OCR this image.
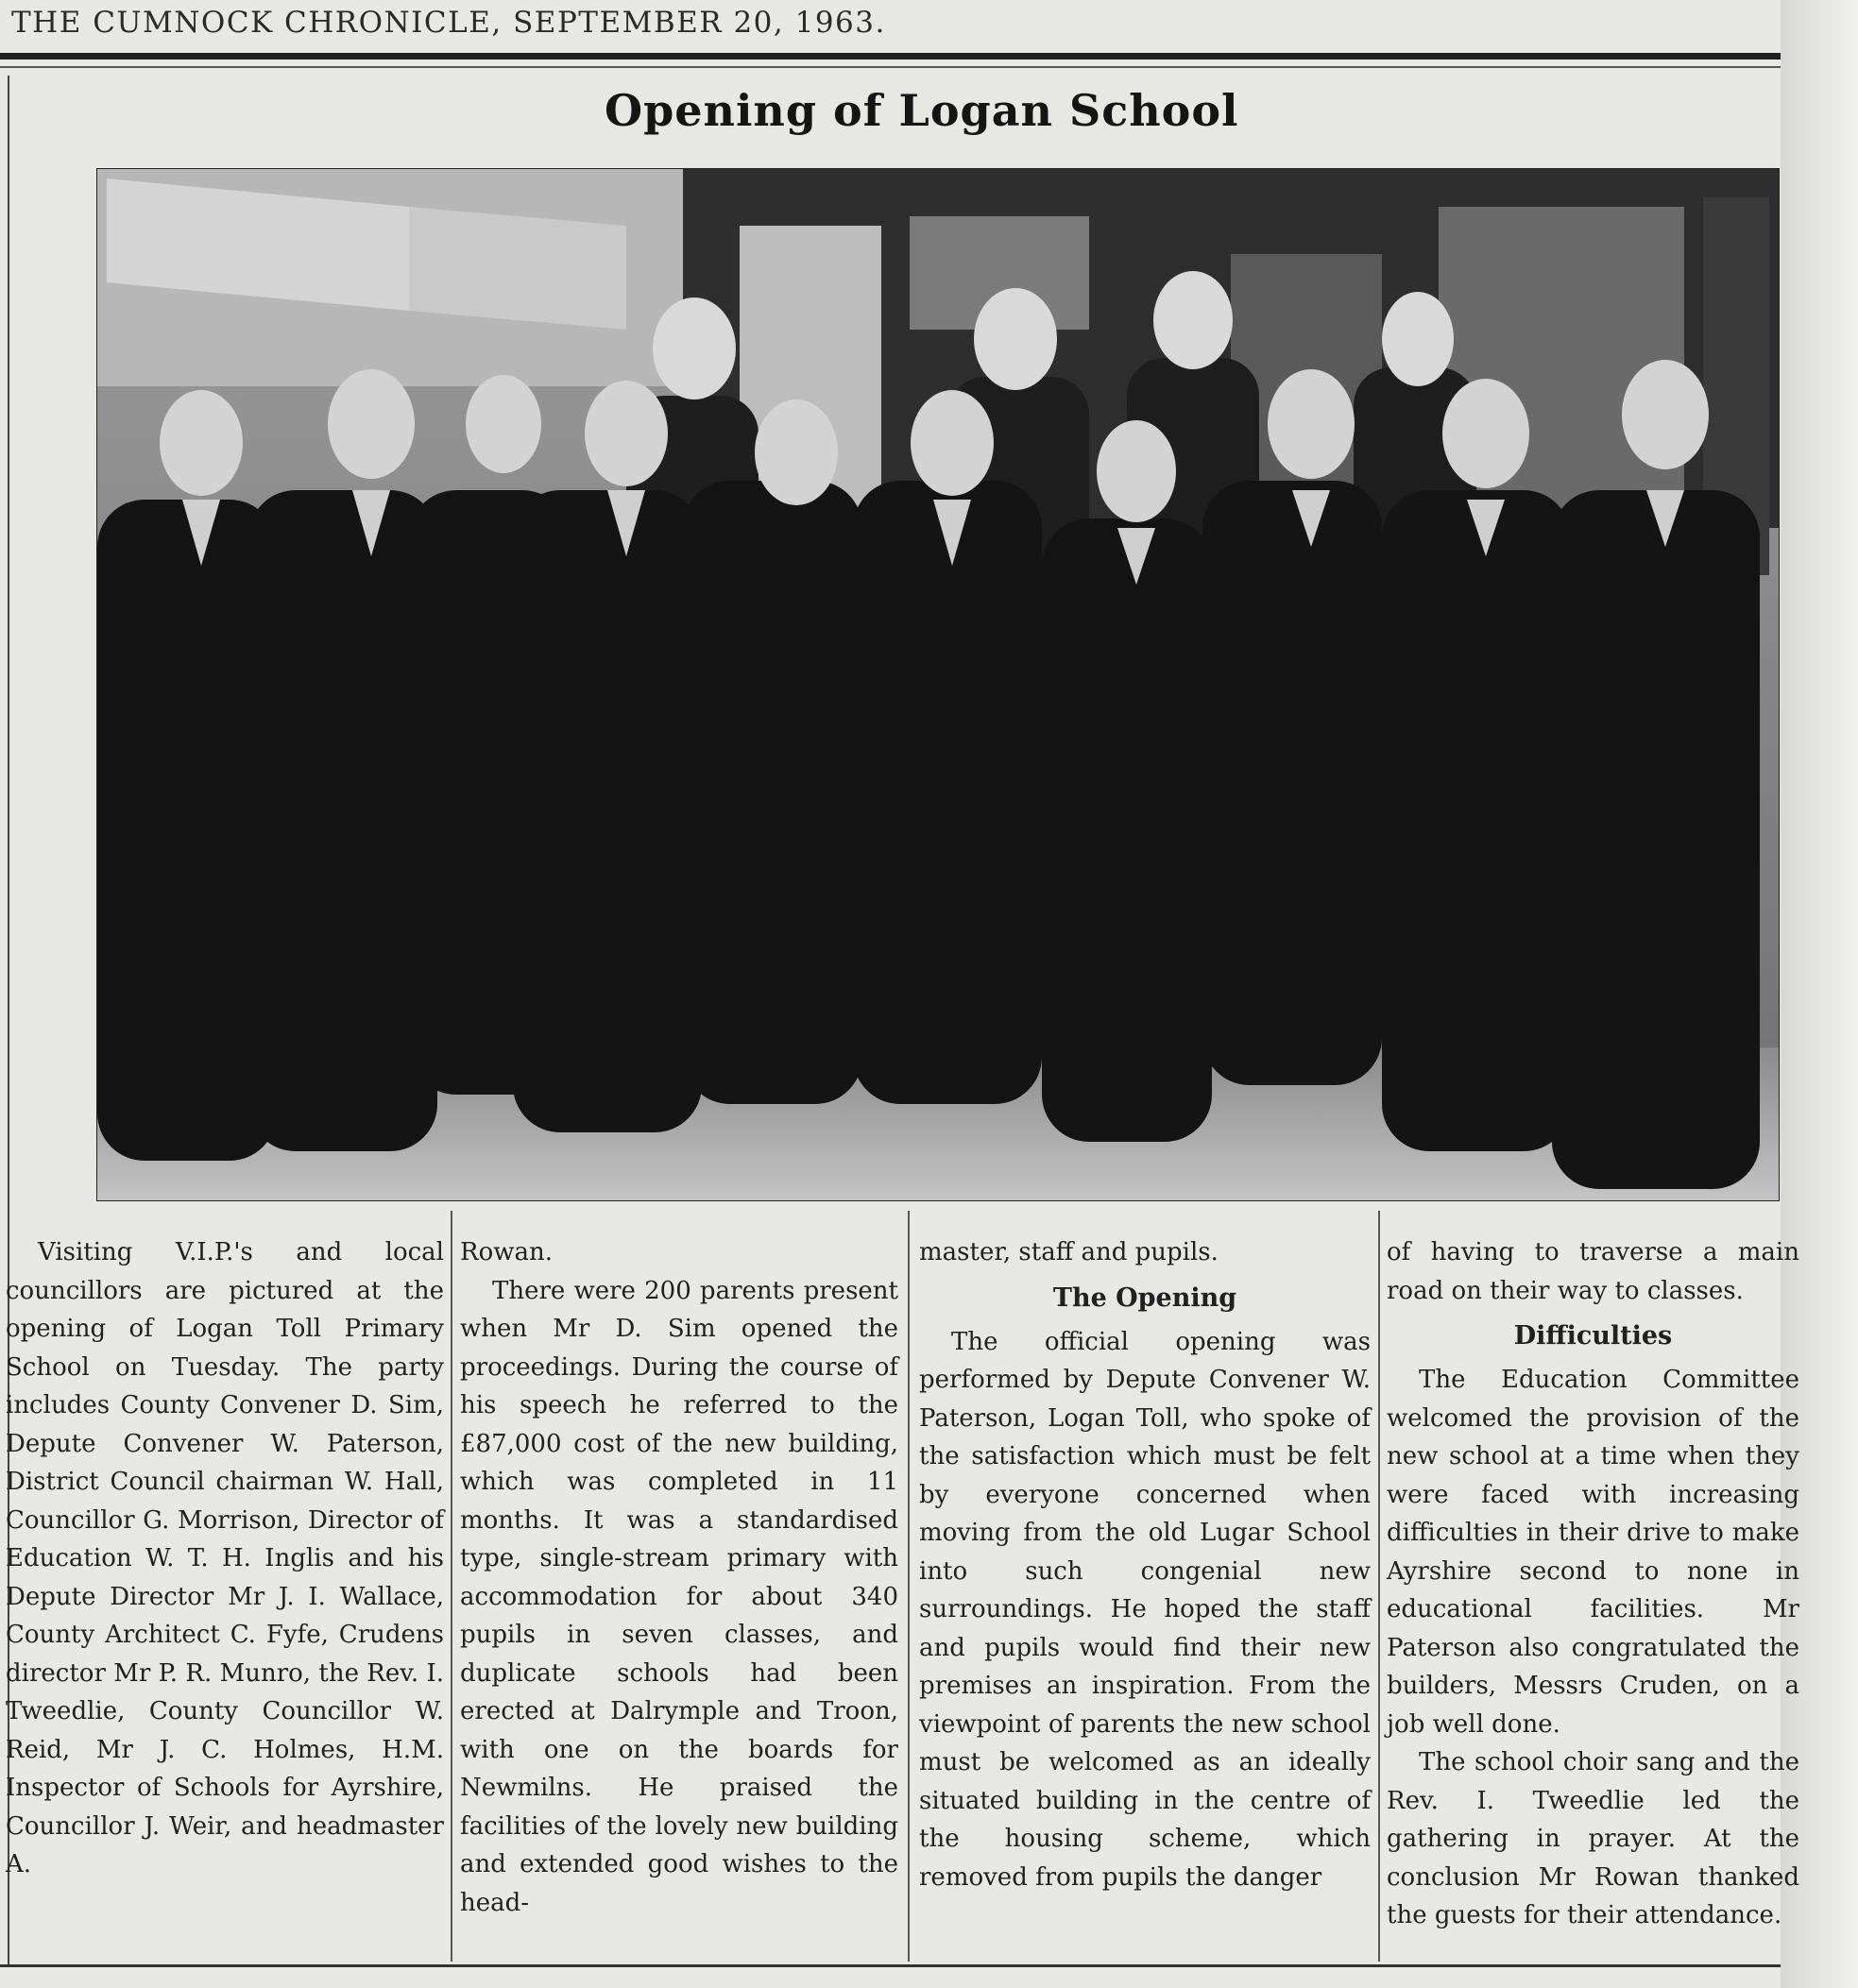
THE CUMNOCK CHRONICLE, SEPTEMBER 20, 1963.
Opening of Logan School

Visiting V.I.P.'s and local councillors are pictured at the opening of Logan Toll Primary School on Tuesday. The party includes County Convener D. Sim, Depute Convener W. Paterson, District Council chairman W. Hall, Councillor G. Morrison, Director of Education W. T. H. Inglis and his Depute Director Mr J. I. Wallace, County Architect C. Fyfe, Crudens director Mr P. R. Munro, the Rev. I. Tweedlie, County Councillor W. Reid, Mr J. C. Holmes, H.M. Inspector of Schools for Ayrshire, Councillor J. Weir, and headmaster A.

Rowan.

There were 200 parents present when Mr D. Sim opened the proceedings. During the course of his speech he referred to the £87,000 cost of the new building, which was completed in 11 months. It was a standardised type, single-stream primary with accommodation for about 340 pupils in seven classes, and duplicate schools had been erected at Dalrymple and Troon, with one on the boards for Newmilns. He praised the facilities of the lovely new building and extended good wishes to the head-

master, staff and pupils.

The Opening

The official opening was performed by Depute Convener W. Paterson, Logan Toll, who spoke of the satisfaction which must be felt by everyone concerned when moving from the old Lugar School into such congenial new surroundings. He hoped the staff and pupils would find their new premises an inspiration. From the viewpoint of parents the new school must be welcomed as an ideally situated building in the centre of the housing scheme, which removed from pupils the danger

of having to traverse a main road on their way to classes.

Difficulties

The Education Committee welcomed the provision of the new school at a time when they were faced with increasing difficulties in their drive to make Ayrshire second to none in educational facilities. Mr Paterson also congratulated the builders, Messrs Cruden, on a job well done.

The school choir sang and the Rev. I. Tweedlie led the gathering in prayer. At the conclusion Mr Rowan thanked the guests for their attendance.
